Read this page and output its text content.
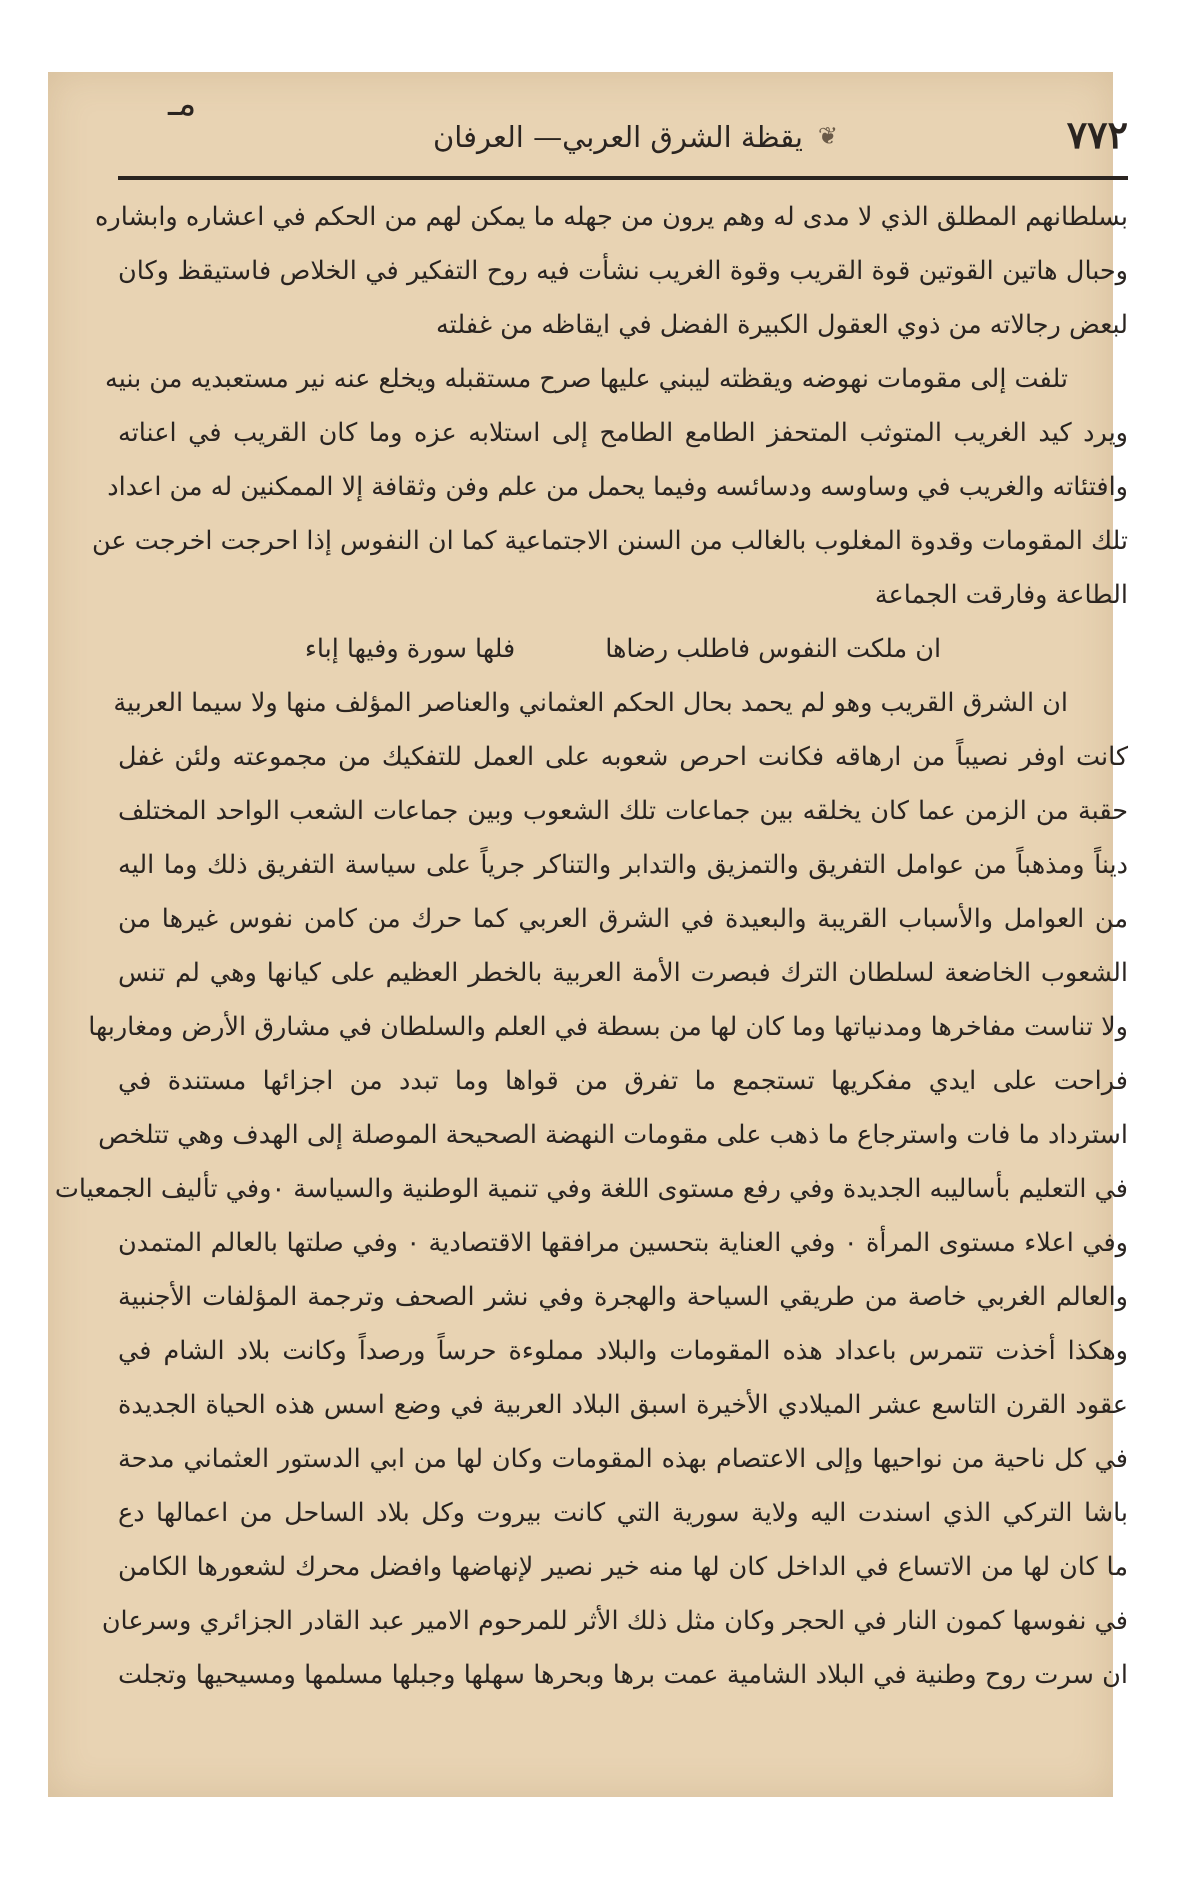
مـ
٧٧٢
❦
يقظة الشرق العربي— العرفان
بسلطانهم المطلق الذي لا مدى له وهم يرون من جهله ما يمكن لهم من الحكم في اعشاره وابشاره
وحبال هاتين القوتين قوة القريب وقوة الغريب نشأت فيه روح التفكير في الخلاص فاستيقظ وكان
لبعض رجالاته من ذوي العقول الكبيرة الفضل في ايقاظه من غفلته
تلفت إلى مقومات نهوضه ويقظته ليبني عليها صرح مستقبله ويخلع عنه نير مستعبديه من بنيه
ويرد كيد الغريب المتوثب المتحفز الطامع الطامح إلى استلابه عزه وما كان القريب في اعناته
وافتئاته والغريب في وساوسه ودسائسه وفيما يحمل من علم وفن وثقافة إلا الممكنين له من اعداد
تلك المقومات وقدوة المغلوب بالغالب من السنن الاجتماعية كما ان النفوس إذا احرجت اخرجت عن
الطاعة وفارقت الجماعة
ان ملكت النفوس فاطلب رضاهافلها سورة وفيها إباء
ان الشرق القريب وهو لم يحمد بحال الحكم العثماني والعناصر المؤلف منها ولا سيما العربية
كانت اوفر نصيباً من ارهاقه فكانت احرص شعوبه على العمل للتفكيك من مجموعته ولئن غفل
حقبة من الزمن عما كان يخلقه بين جماعات تلك الشعوب وبين جماعات الشعب الواحد المختلف
ديناً ومذهباً من عوامل التفريق والتمزيق والتدابر والتناكر جرياً على سياسة التفريق ذلك وما اليه
من العوامل والأسباب القريبة والبعيدة في الشرق العربي كما حرك من كامن نفوس غيرها من
الشعوب الخاضعة لسلطان الترك فبصرت الأمة العربية بالخطر العظيم على كيانها وهي لم تنس
ولا تناست مفاخرها ومدنياتها وما كان لها من بسطة في العلم والسلطان في مشارق الأرض ومغاربها
فراحت على ايدي مفكريها تستجمع ما تفرق من قواها وما تبدد من اجزائها مستندة في
استرداد ما فات واسترجاع ما ذهب على مقومات النهضة الصحيحة الموصلة إلى الهدف وهي تتلخص
في التعليم بأساليبه الجديدة وفي رفع مستوى اللغة وفي تنمية الوطنية والسياسة ٠وفي تأليف الجمعيات
وفي اعلاء مستوى المرأة ٠ وفي العناية بتحسين مرافقها الاقتصادية ٠ وفي صلتها بالعالم المتمدن
والعالم الغربي خاصة من طريقي السياحة والهجرة وفي نشر الصحف وترجمة المؤلفات الأجنبية
وهكذا أخذت تتمرس باعداد هذه المقومات والبلاد مملوءة حرساً ورصداً وكانت بلاد الشام في
عقود القرن التاسع عشر الميلادي الأخيرة اسبق البلاد العربية في وضع اسس هذه الحياة الجديدة
في كل ناحية من نواحيها وإلى الاعتصام بهذه المقومات وكان لها من ابي الدستور العثماني مدحة
باشا التركي الذي اسندت اليه ولاية سورية التي كانت بيروت وكل بلاد الساحل من اعمالها دع
ما كان لها من الاتساع في الداخل كان لها منه خير نصير لإنهاضها وافضل محرك لشعورها الكامن
في نفوسها كمون النار في الحجر وكان مثل ذلك الأثر للمرحوم الامير عبد القادر الجزائري وسرعان
ان سرت روح وطنية في البلاد الشامية عمت برها وبحرها سهلها وجبلها مسلمها ومسيحيها وتجلت
